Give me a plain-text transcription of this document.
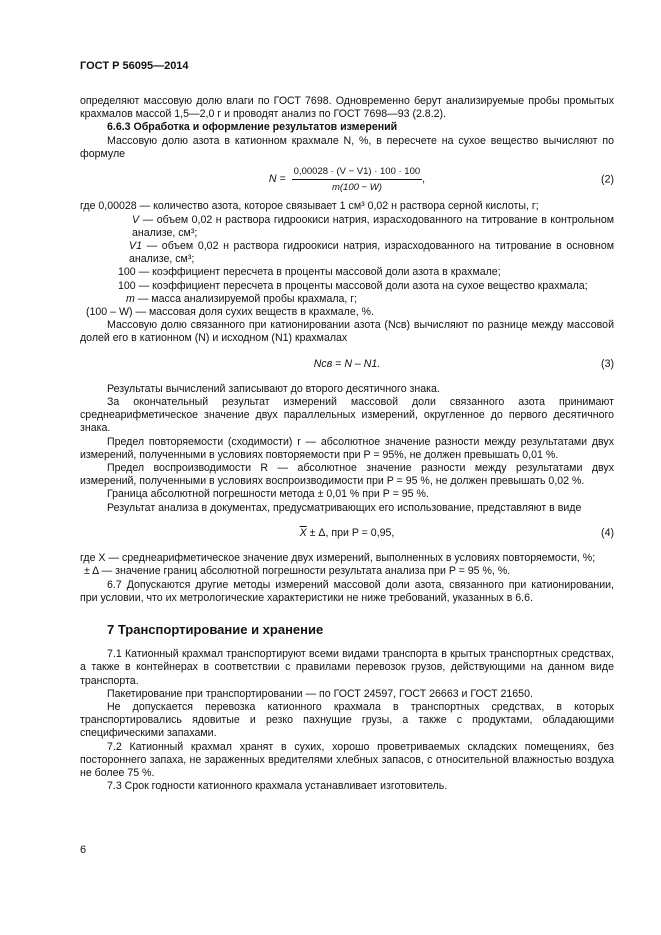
ГОСТ Р 56095—2014

определяют массовую долю влаги по ГОСТ 7698. Одновременно берут анализируемые пробы промытых крахмалов массой 1,5—2,0 г и проводят анализ по ГОСТ 7698—93 (2.8.2).

6.6.3 Обработка и оформление результатов измерений

Массовую долю азота в катионном крахмале N, %, в пересчете на сухое вещество вычисляют по формуле

$N = \frac{0,00028 \cdot (V - V1) \cdot 100 \cdot 100}{m(100 - W)}$ ,	(2)

где 0,00028 — количество азота, которое связывает 1 см³ 0,02 н раствора серной кислоты, г;

V — объем 0,02 н раствора гидроокиси натрия, израсходованного на титрование в контрольном анализе, см³;

V1 — объем 0,02 н раствора гидроокиси натрия, израсходованного на титрование в основном анализе, см³;

100 — коэффициент пересчета в проценты массовой доли азота в крахмале;

100 — коэффициент пересчета в проценты массовой доли азота на сухое вещество крахмала;

m — масса анализируемой пробы крахмала, г;

(100 – W) — массовая доля сухих веществ в крахмале, %.

Массовую долю связанного при катионировании азота (Nсв) вычисляют по разнице между массовой долей его в катионном (N) и исходном (N1) крахмалах

Nсв = N – N1.	(3)

Результаты вычислений записывают до второго десятичного знака.

За окончательный результат измерений массовой доли связанного азота принимают среднеарифметическое значение двух параллельных измерений, округленное до первого десятичного знака.

Предел повторяемости (сходимости) r — абсолютное значение разности между результатами двух измерений, полученными в условиях повторяемости при P = 95%, не должен превышать 0,01 %.

Предел воспроизводимости R — абсолютное значение разности между результатами двух измерений, полученными в условиях воспроизводимости при P = 95 %, не должен превышать 0,02 %.

Граница абсолютной погрешности метода ± 0,01 % при P = 95 %.

Результат анализа в документах, предусматривающих его использование, представляют в виде

$\overline{X} \pm \Delta$, при P = 0,95,	(4)

где X — среднеарифметическое значение двух измерений, выполненных в условиях повторяемости, %;

± Δ — значение границ абсолютной погрешности результата анализа при P = 95 %, %.

6.7 Допускаются другие методы измерений массовой доли азота, связанного при катионировании, при условии, что их метрологические характеристики не ниже требований, указанных в 6.6.

7 Транспортирование и хранение

7.1 Катионный крахмал транспортируют всеми видами транспорта в крытых транспортных средствах, а также в контейнерах в соответствии с правилами перевозок грузов, действующими на данном виде транспорта.

Пакетирование при транспортировании — по ГОСТ 24597, ГОСТ 26663 и ГОСТ 21650.

Не допускается перевозка катионного крахмала в транспортных средствах, в которых транспортировались ядовитые и резко пахнущие грузы, а также с продуктами, обладающими специфическими запахами.

7.2 Катионный крахмал хранят в сухих, хорошо проветриваемых складских помещениях, без постороннего запаха, не зараженных вредителями хлебных запасов, с относительной влажностью воздуха не более 75 %.

7.3 Срок годности катионного крахмала устанавливает изготовитель.

6
